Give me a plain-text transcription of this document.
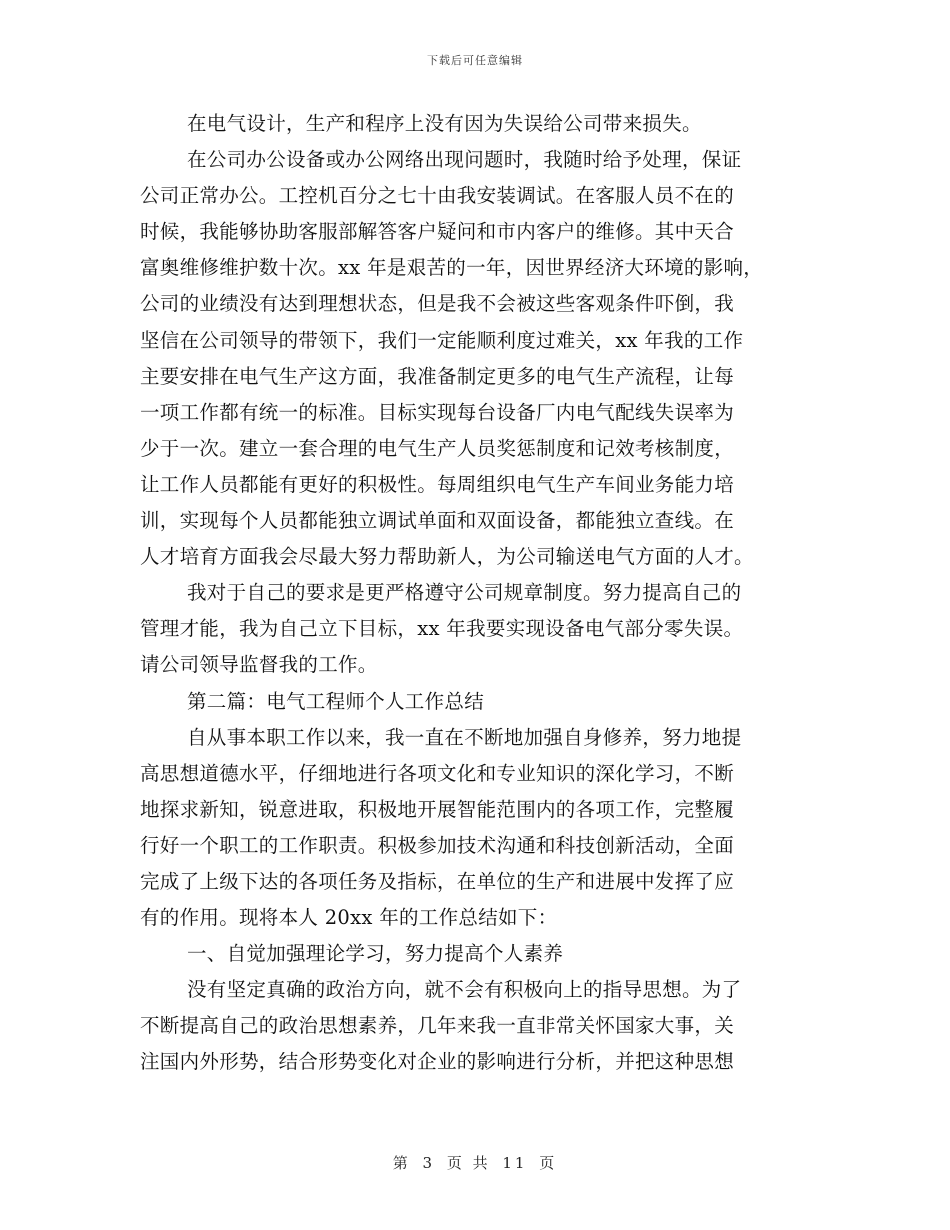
下载后可任意编辑
在电气设计，生产和程序上没有因为失误给公司带来损失。
在公司办公设备或办公网络出现问题时，我随时给予处理，保证
公司正常办公。工控机百分之七十由我安装调试。在客服人员不在的
时候，我能够协助客服部解答客户疑问和市内客户的维修。其中天合
富奥维修维护数十次。xx 年是艰苦的一年，因世界经济大环境的影响，
公司的业绩没有达到理想状态，但是我不会被这些客观条件吓倒，我
坚信在公司领导的带领下，我们一定能顺利度过难关，xx 年我的工作
主要安排在电气生产这方面，我准备制定更多的电气生产流程，让每
一项工作都有统一的标准。目标实现每台设备厂内电气配线失误率为
少于一次。建立一套合理的电气生产人员奖惩制度和记效考核制度，
让工作人员都能有更好的积极性。每周组织电气生产车间业务能力培
训，实现每个人员都能独立调试单面和双面设备，都能独立查线。在
人才培育方面我会尽最大努力帮助新人，为公司输送电气方面的人才。
我对于自己的要求是更严格遵守公司规章制度。努力提高自己的
管理才能，我为自己立下目标，xx 年我要实现设备电气部分零失误。
请公司领导监督我的工作。
第二篇：电气工程师个人工作总结
自从事本职工作以来，我一直在不断地加强自身修养，努力地提
高思想道德水平，仔细地进行各项文化和专业知识的深化学习，不断
地探求新知，锐意进取，积极地开展智能范围内的各项工作，完整履
行好一个职工的工作职责。积极参加技术沟通和科技创新活动，全面
完成了上级下达的各项任务及指标，在单位的生产和进展中发挥了应
有的作用。现将本人 20xx 年的工作总结如下：
一、自觉加强理论学习，努力提高个人素养
没有坚定真确的政治方向，就不会有积极向上的指导思想。为了
不断提高自己的政治思想素养，几年来我一直非常关怀国家大事，关
注国内外形势，结合形势变化对企业的影响进行分析，并把这种思想
第 3 页 共 11 页
